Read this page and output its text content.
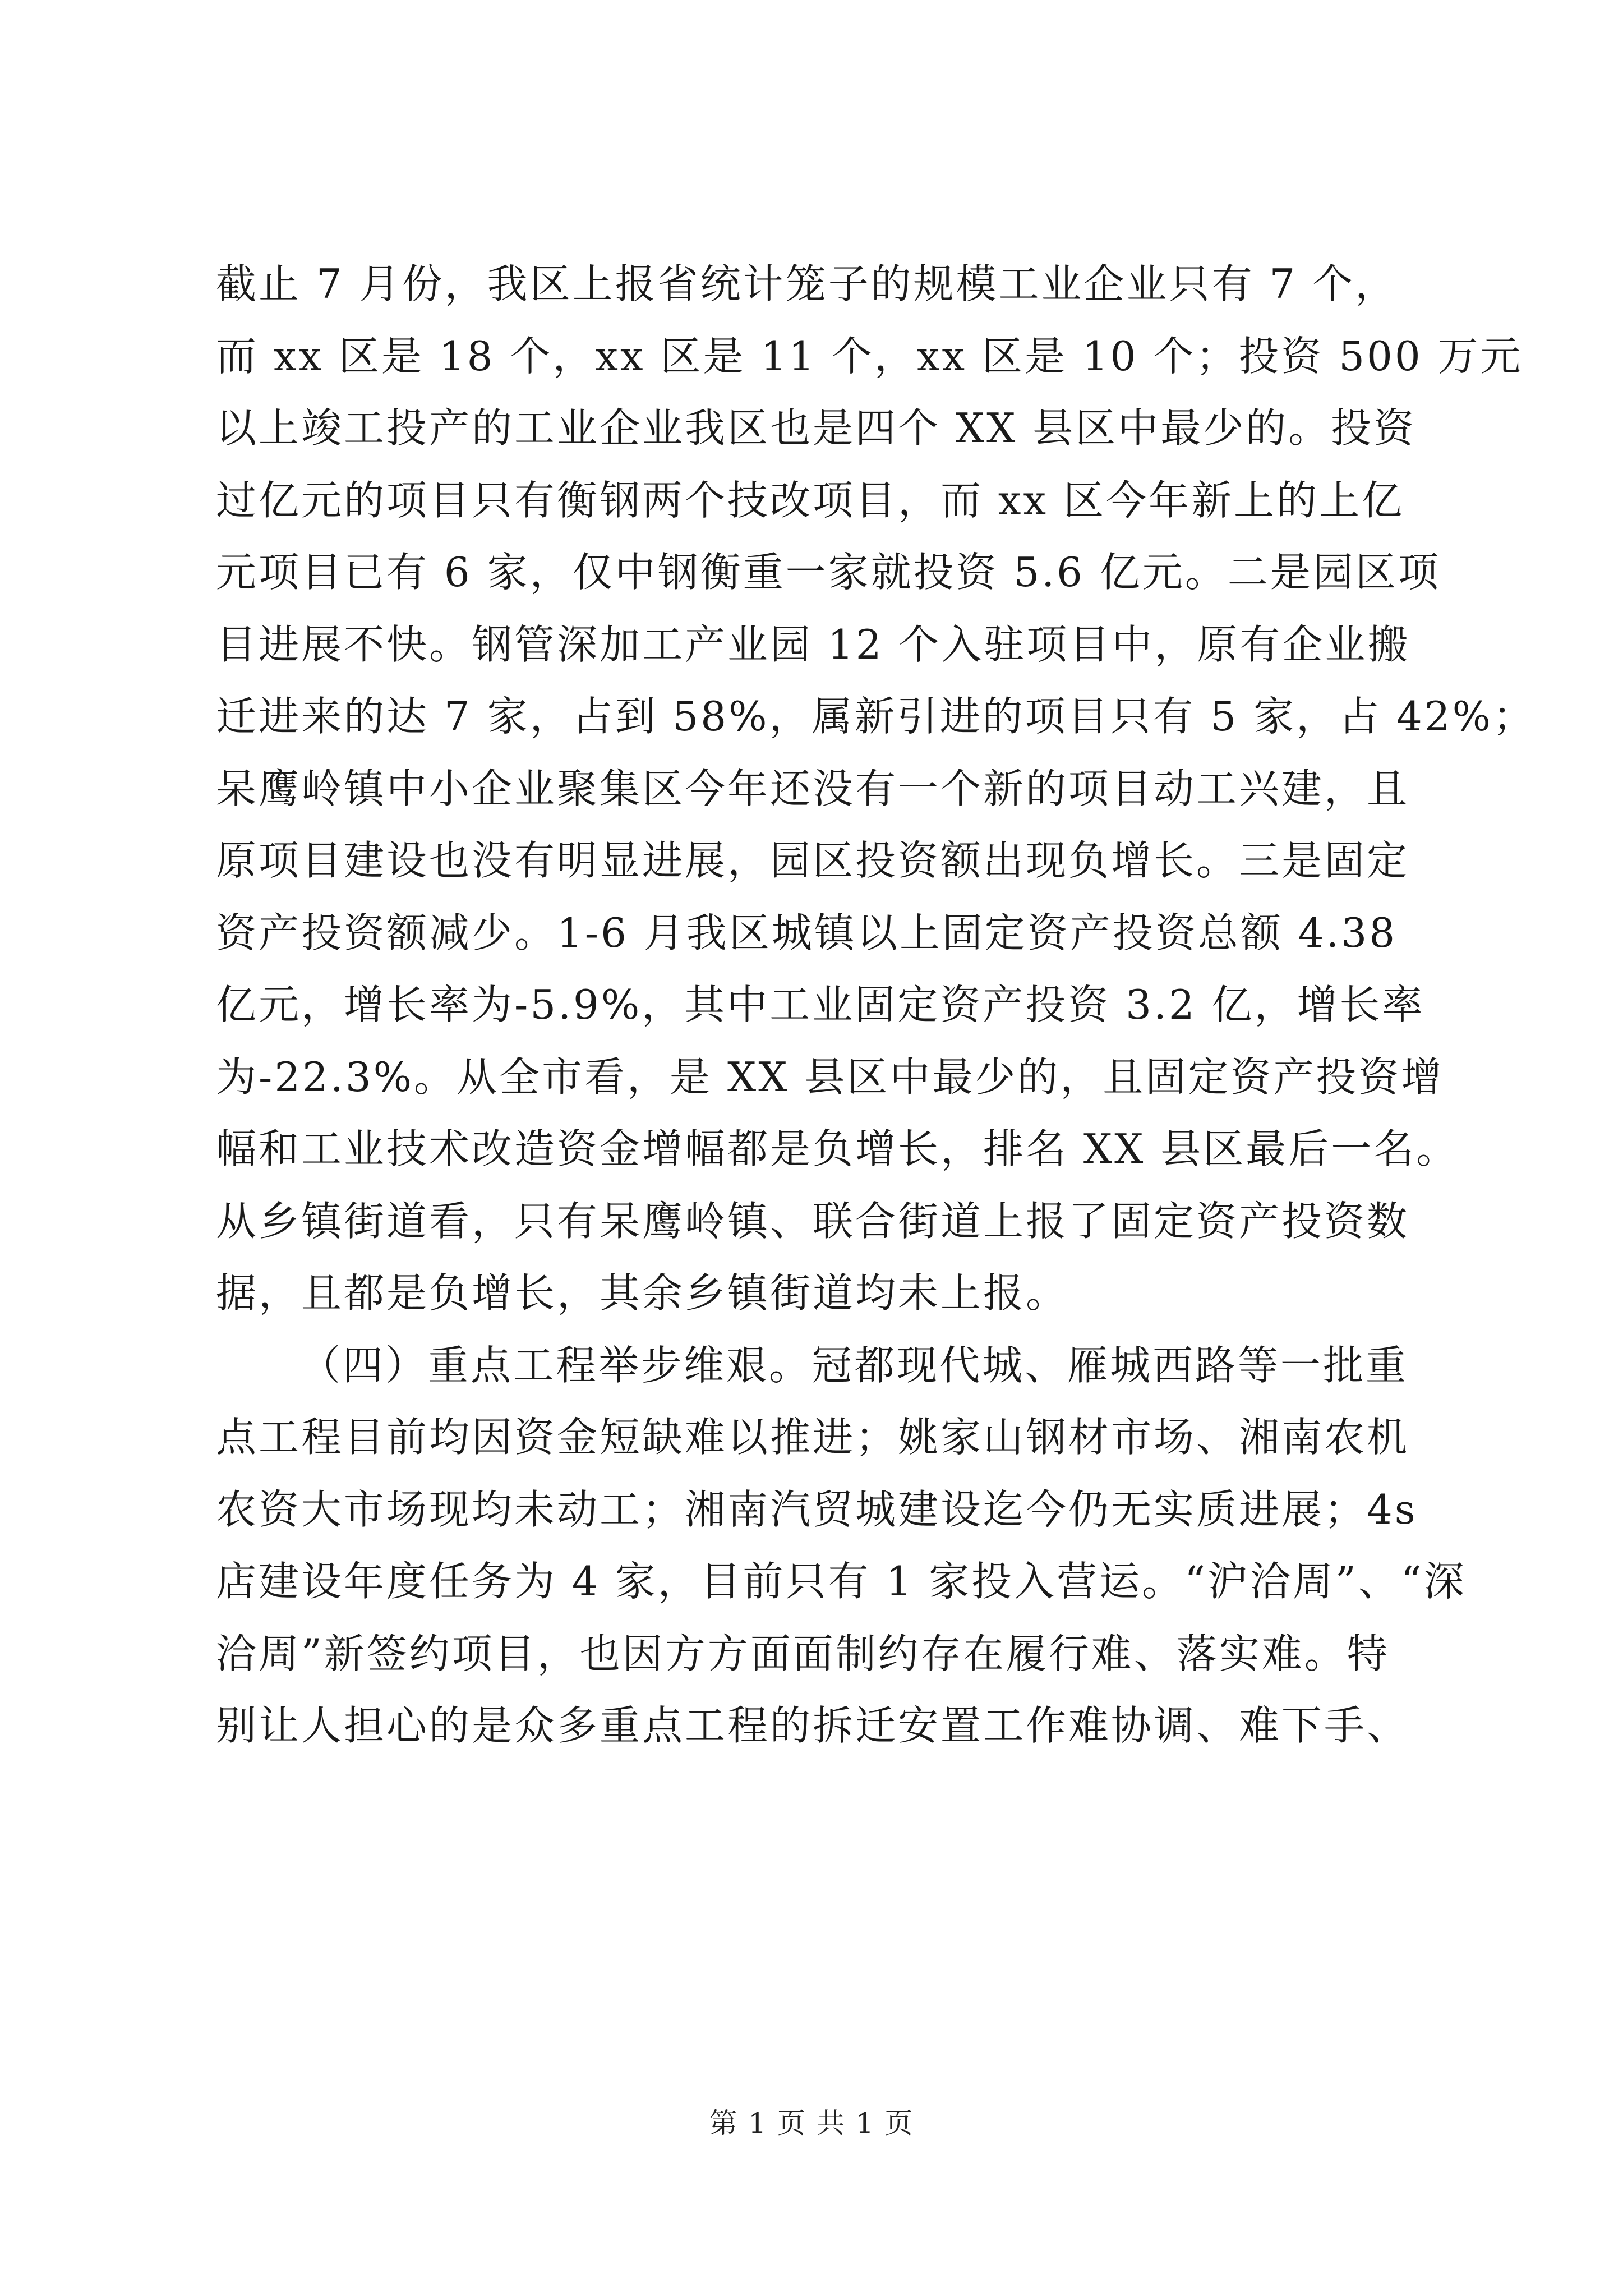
截止 7 月份，我区上报省统计笼子的规模工业企业只有 7 个，
而 xx 区是 18 个，xx 区是 11 个，xx 区是 10 个；投资 500 万元
以上竣工投产的工业企业我区也是四个 XX 县区中最少的。投资
过亿元的项目只有衡钢两个技改项目，而 xx 区今年新上的上亿
元项目已有 6 家，仅中钢衡重一家就投资 5.6 亿元。二是园区项
目进展不快。钢管深加工产业园 12 个入驻项目中，原有企业搬
迁进来的达 7 家，占到 58%，属新引进的项目只有 5 家，占 42%；
呆鹰岭镇中小企业聚集区今年还没有一个新的项目动工兴建，且
原项目建设也没有明显进展，园区投资额出现负增长。三是固定
资产投资额减少。1-6 月我区城镇以上固定资产投资总额 4.38
亿元，增长率为-5.9%，其中工业固定资产投资 3.2 亿，增长率
为-22.3%。从全市看，是 XX 县区中最少的，且固定资产投资增
幅和工业技术改造资金增幅都是负增长，排名 XX 县区最后一名。
从乡镇街道看，只有呆鹰岭镇、联合街道上报了固定资产投资数
据，且都是负增长，其余乡镇街道均未上报。
（四）重点工程举步维艰。冠都现代城、雁城西路等一批重
点工程目前均因资金短缺难以推进；姚家山钢材市场、湘南农机
农资大市场现均未动工；湘南汽贸城建设迄今仍无实质进展；4s
店建设年度任务为 4 家，目前只有 1 家投入营运。“沪洽周”、“深
洽周”新签约项目，也因方方面面制约存在履行难、落实难。特
别让人担心的是众多重点工程的拆迁安置工作难协调、难下手、
第 1 页 共 1 页
